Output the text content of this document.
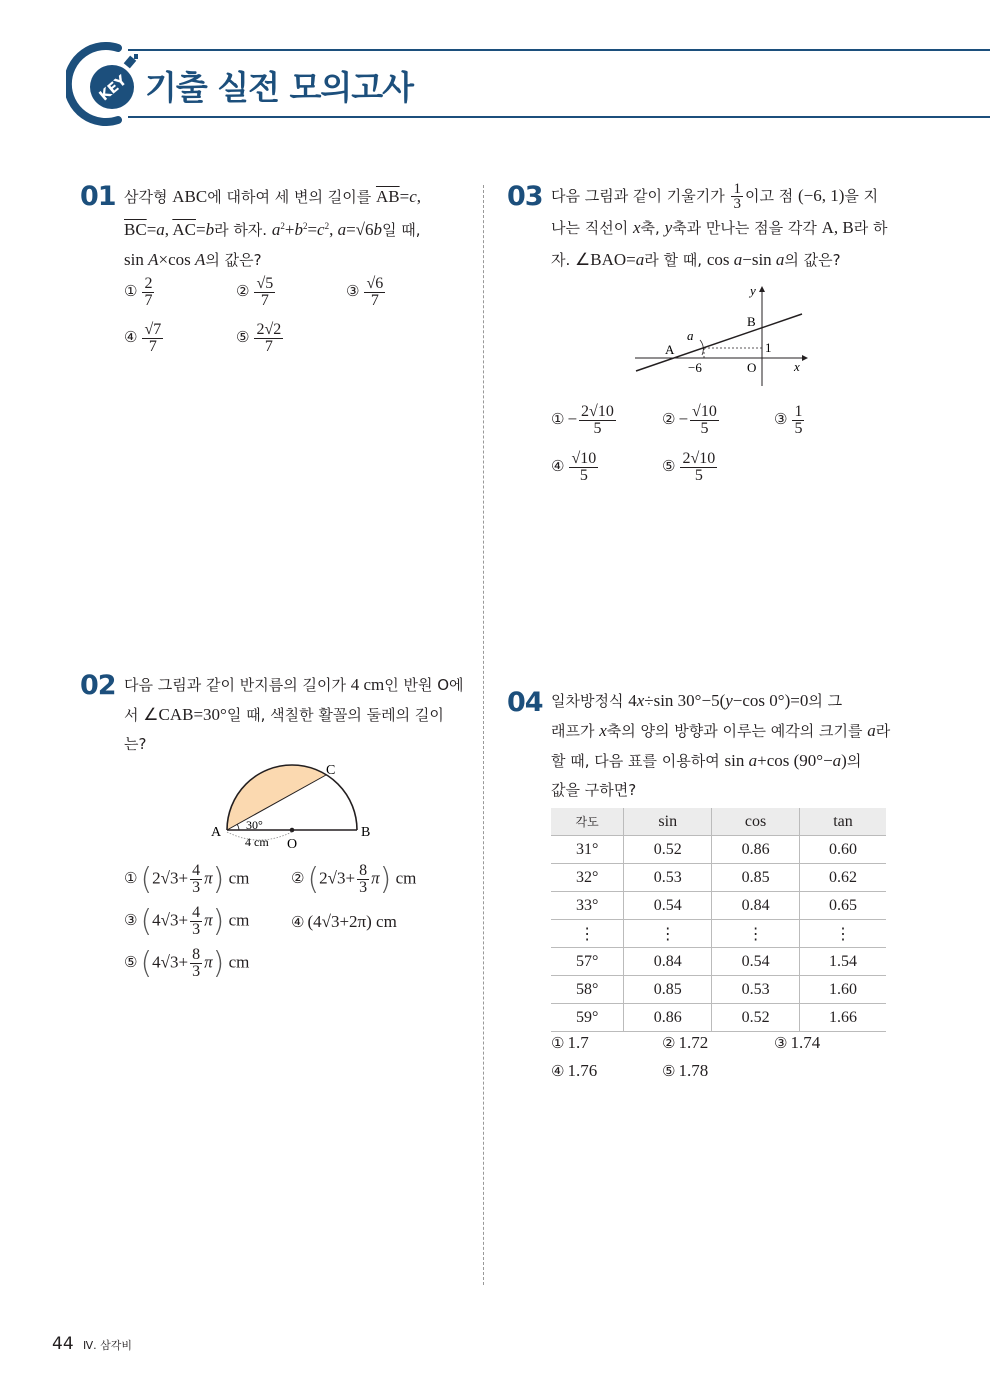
KEY 기출 실전 모의고사
01 삼각형 ABC에 대하여 세 변의 길이를 $\overline{AB}=c$,
$\overline{BC}=a$, $\overline{AC}=b$라 하자. $a^2+b^2=c^2$, a=√6b일 때,
sin A×cos A의 값은?
① $\frac{2}{7}$	② $\frac{√5}{7}$	③ $\frac{√6}{7}$
④ $\frac{√7}{7}$	⑤ $\frac{2√2}{7}$
03 다음 그림과 같이 기울기가 $\frac{1}{3}$ 이고 점 (−6, 1)을 지
나는 직선이 x축, y축과 만나는 점을 각각 A, B라 하
자. ∠BAO=a라 할 때, cos a−sin a의 값은?
y
x
B
A
a
1
−6	O
① − $\frac{2√10}{5}$	② − $\frac{√10}{5}$	③ $\frac{1}{5}$
④ $\frac{√10}{5}$	⑤ $\frac{2√10}{5}$
02 다음 그림과 같이 반지름의 길이가 4 cm인 반원 O에
서 ∠CAB=30°일 때, 색칠한 활꼴의 둘레의 길이
는?
A	B
C
O
30°
4 cm
① $(2√3+ \frac{4}{3} \pi)$ cm	② $(2√3+ \frac{8}{3} \pi)$ cm
③ $(4√3+ \frac{4}{3} \pi)$ cm	④ (4√3+2π) cm
⑤ $(4√3+ \frac{8}{3} \pi)$ cm
04 일차방정식 4x÷sin 30°−5(y−cos 0°)=0의 그
래프가 x축의 양의 방향과 이루는 예각의 크기를 a라
할 때, 다음 표를 이용하여 sin a+cos (90°−a)의
값을 구하면?
각도	sin	cos	tan
31°	0.52	0.86	0.60
32°	0.53	0.85	0.62
33°	0.54	0.84	0.65
⋮	⋮	⋮	⋮
57°	0.84	0.54	1.54
58°	0.85	0.53	1.60
59°	0.86	0.52	1.66
① 1.7	② 1.72	③ 1.74
④ 1.76	⑤ 1.78
44 Ⅳ. 삼각비
